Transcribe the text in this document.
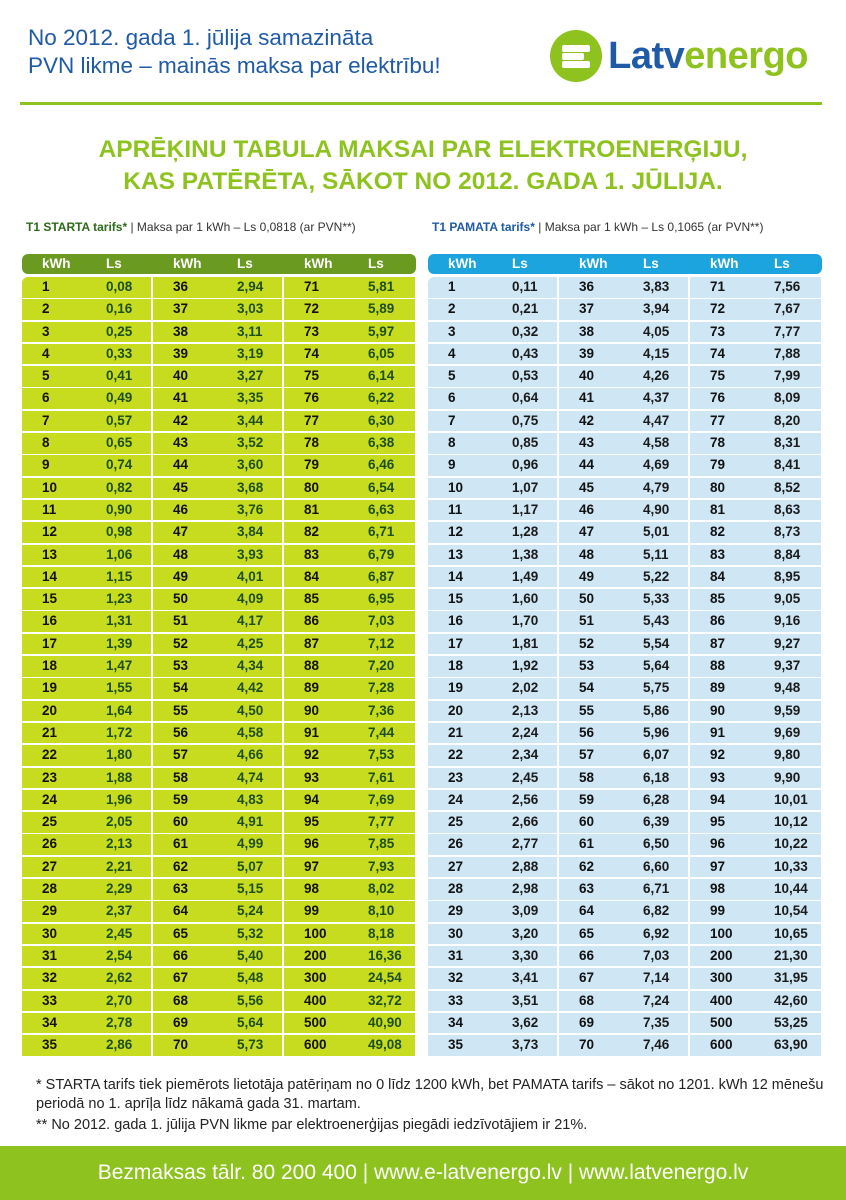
No 2012. gada 1. jūlija samazināta
PVN likme – mainās maksa par elektrību!	Latvenergo
APRĒĶINU TABULA MAKSAI PAR ELEKTROENERĢIJU,
KAS PATĒRĒTA, SĀKOT NO 2012. GADA 1. JŪLIJA.
T1 STARTA tarifs* | Maksa par 1 kWh – Ls 0,0818 (ar PVN**)	T1 PAMATA tarifs* | Maksa par 1 kWh – Ls 0,1065 (ar PVN**)
kWh	Ls	kWh	Ls	kWh	Ls
1	0,08	36	2,94	71	5,81
2	0,16	37	3,03	72	5,89
3	0,25	38	3,11	73	5,97
4	0,33	39	3,19	74	6,05
5	0,41	40	3,27	75	6,14
6	0,49	41	3,35	76	6,22
7	0,57	42	3,44	77	6,30
8	0,65	43	3,52	78	6,38
9	0,74	44	3,60	79	6,46
10	0,82	45	3,68	80	6,54
11	0,90	46	3,76	81	6,63
12	0,98	47	3,84	82	6,71
13	1,06	48	3,93	83	6,79
14	1,15	49	4,01	84	6,87
15	1,23	50	4,09	85	6,95
16	1,31	51	4,17	86	7,03
17	1,39	52	4,25	87	7,12
18	1,47	53	4,34	88	7,20
19	1,55	54	4,42	89	7,28
20	1,64	55	4,50	90	7,36
21	1,72	56	4,58	91	7,44
22	1,80	57	4,66	92	7,53
23	1,88	58	4,74	93	7,61
24	1,96	59	4,83	94	7,69
25	2,05	60	4,91	95	7,77
26	2,13	61	4,99	96	7,85
27	2,21	62	5,07	97	7,93
28	2,29	63	5,15	98	8,02
29	2,37	64	5,24	99	8,10
30	2,45	65	5,32	100	8,18
31	2,54	66	5,40	200	16,36
32	2,62	67	5,48	300	24,54
33	2,70	68	5,56	400	32,72
34	2,78	69	5,64	500	40,90
35	2,86	70	5,73	600	49,08
kWh	Ls	kWh	Ls	kWh	Ls
1	0,11	36	3,83	71	7,56
2	0,21	37	3,94	72	7,67
3	0,32	38	4,05	73	7,77
4	0,43	39	4,15	74	7,88
5	0,53	40	4,26	75	7,99
6	0,64	41	4,37	76	8,09
7	0,75	42	4,47	77	8,20
8	0,85	43	4,58	78	8,31
9	0,96	44	4,69	79	8,41
10	1,07	45	4,79	80	8,52
11	1,17	46	4,90	81	8,63
12	1,28	47	5,01	82	8,73
13	1,38	48	5,11	83	8,84
14	1,49	49	5,22	84	8,95
15	1,60	50	5,33	85	9,05
16	1,70	51	5,43	86	9,16
17	1,81	52	5,54	87	9,27
18	1,92	53	5,64	88	9,37
19	2,02	54	5,75	89	9,48
20	2,13	55	5,86	90	9,59
21	2,24	56	5,96	91	9,69
22	2,34	57	6,07	92	9,80
23	2,45	58	6,18	93	9,90
24	2,56	59	6,28	94	10,01
25	2,66	60	6,39	95	10,12
26	2,77	61	6,50	96	10,22
27	2,88	62	6,60	97	10,33
28	2,98	63	6,71	98	10,44
29	3,09	64	6,82	99	10,54
30	3,20	65	6,92	100	10,65
31	3,30	66	7,03	200	21,30
32	3,41	67	7,14	300	31,95
33	3,51	68	7,24	400	42,60
34	3,62	69	7,35	500	53,25
35	3,73	70	7,46	600	63,90
* STARTA tarifs tiek piemērots lietotāja patēriņam no 0 līdz 1200 kWh, bet PAMATA tarifs – sākot no 1201. kWh 12 mēnešu periodā no 1. aprīļa līdz nākamā gada 31. martam.
** No 2012. gada 1. jūlija PVN likme par elektroenerģijas piegādi iedzīvotājiem ir 21%.
Bezmaksas tālr. 80 200 400 | www.e-latvenergo.lv | www.latvenergo.lv
